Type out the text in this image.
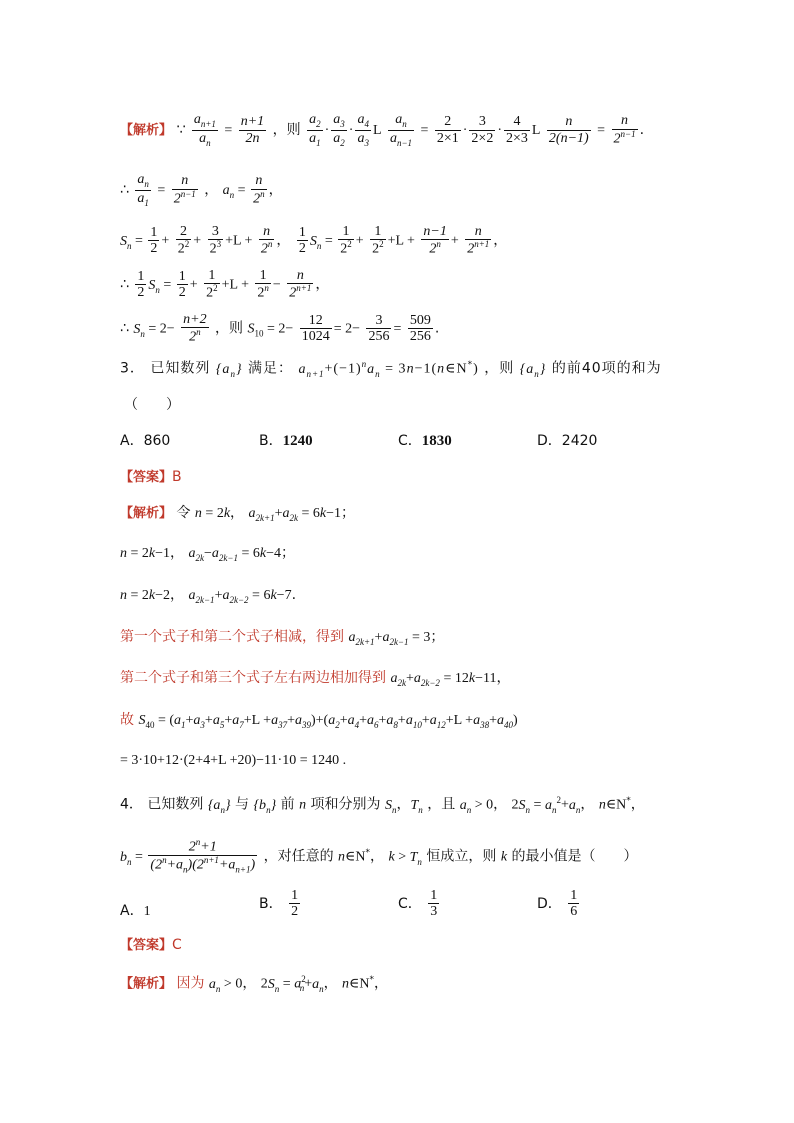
【解析】 ∵ $\frac{a_{n+1}}{a_n} = \frac{n+1}{2n}$ ，则 $\frac{a_2}{a_1} \cdot \frac{a_3}{a_2} \cdot \frac{a_4}{a_3}$ L $\frac{a_n}{a_{n-1}} = \frac{2}{2\times 1} \cdot \frac{3}{2\times 2} \cdot \frac{4}{2\times 3}$ L $\frac{n}{2(n-1)} = \frac{n}{2^{n-1}}$ .
∴ $\frac{a_n}{a_1} = \frac{n}{2^{n-1}}$ ， $a_n = \frac{n}{2^n}$ ，
$S_n = \frac{1}{2} + \frac{2}{2^2} + \frac{3}{2^3} +L + \frac{n}{2^n}$ ， $\frac{1}{2} S_n = \frac{1}{2^2} + \frac{1}{2^2} +L + \frac{n-1}{2^n} + \frac{n}{2^{n+1}}$ ，
∴ $\frac{1}{2} S_n = \frac{1}{2} + \frac{1}{2^2} +L + \frac{1}{2^n} - \frac{n}{2^{n+1}}$ ，
∴ $S_n = 2- \frac{n+2}{2^n}$ ，则 $S_{10} = 2- \frac{12}{1024} = 2- \frac{3}{256} = \frac{509}{256}$ .
3． 已知数列 $\{a_n\}$ 满足： $a_{n+1}+(-1)^na_n$ = 3n−1(n∈N*) ，则 $\{a_n\}$ 的前40项的和为
（　　）
A．860	B．1240	C．1830	D．2420
【答案】B
【解析】 令 n = 2k， $a_{2k+1}+a_{2k} = 6k-1$；
n = 2k−1， $a_{2k}-a_{2k-1} = 6k-4$；
n = 2k−2， $a_{2k-1}+a_{2k-2} = 6k-7$.
第一个式子和第二个式子相减，得到 $a_{2k+1}+a_{2k-1} = 3$；
第二个式子和第三个式子左右两边相加得到 $a_{2k}+a_{2k-2} = 12k-11$，
故 $S_{40} = (a_1+a_3+a_5+a_7+L +a_{37}+a_{39})+(a_2+a_4+a_6+a_8+a_{10}+a_{12}+L +a_{38}+a_{40})$
= 3·10+12·(2+4+L +20)−11·10 = 1240 .
4． 已知数列 $\{a_n\}$ 与 $\{b_n\}$ 前 n 项和分别为 $S_n$，$T_n$ ，且 $a_n > 0$， $2S_n = a_n^2+a_n$， n∈N*，
$b_n = \frac{2^n+1}{(2^n+a_n)(2^{n+1}+a_{n+1})}$ ，对任意的 n∈N*， $k > T_n$ 恒成立，则 k 的最小值是（　　）
A．1	B． $\frac{1}{2}$	C． $\frac{1}{3}$	D． $\frac{1}{6}$
【答案】C
【解析】 因为 $a_n > 0$， $2S_n = a^2_n+a_n$， n∈N*，
